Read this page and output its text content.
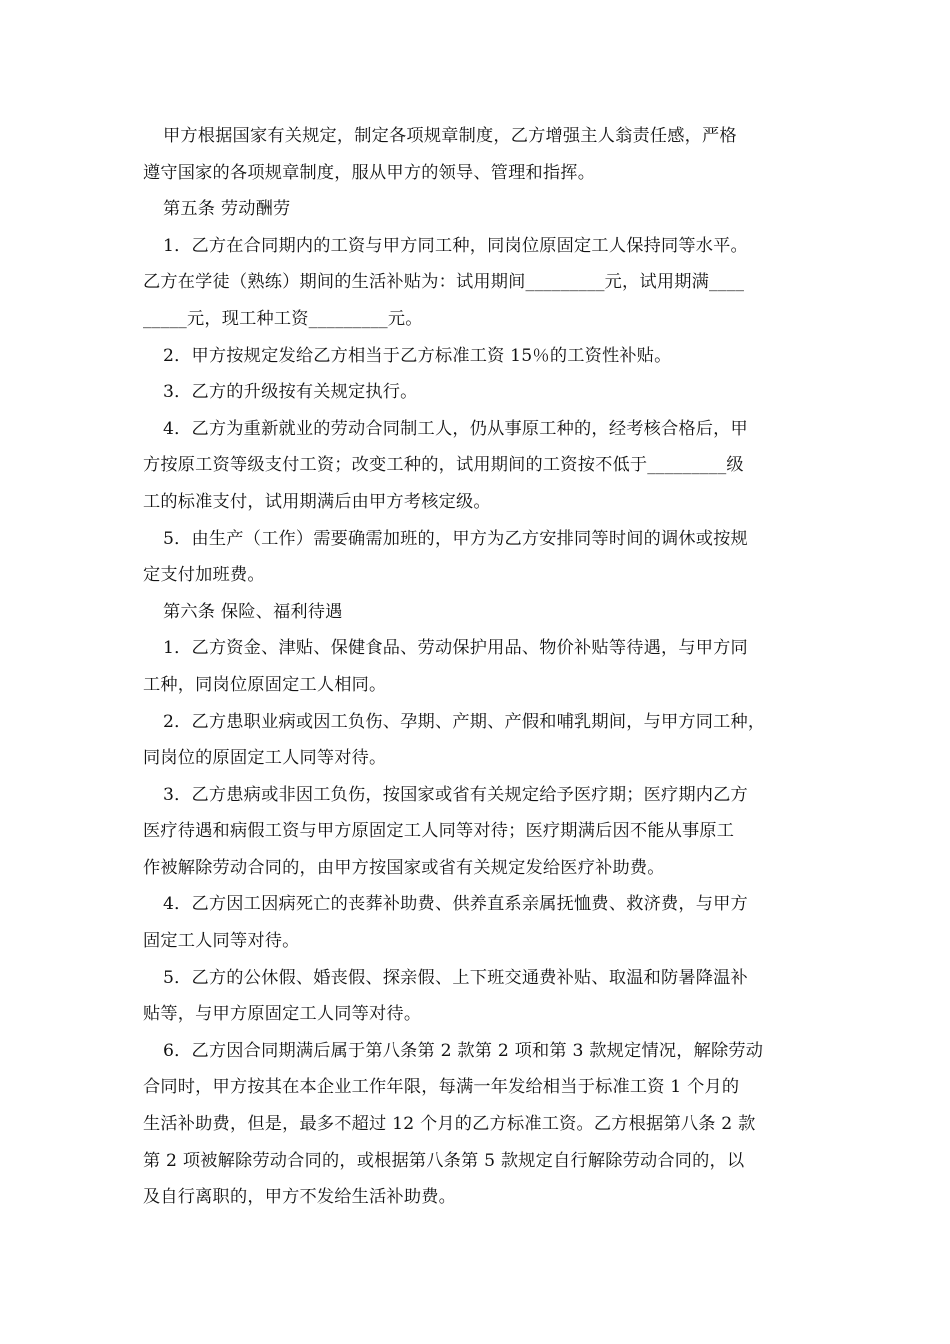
甲方根据国家有关规定，制定各项规章制度，乙方增强主人翁责任感，严格
遵守国家的各项规章制度，服从甲方的领导、管理和指挥。

第五条 劳动酬劳

1．乙方在合同期内的工资与甲方同工种，同岗位原固定工人保持同等水平。
乙方在学徒（熟练）期间的生活补贴为：试用期间_________元，试用期满____
_____元，现工种工资_________元。

2．甲方按规定发给乙方相当于乙方标准工资 15％的工资性补贴。

3．乙方的升级按有关规定执行。

4．乙方为重新就业的劳动合同制工人，仍从事原工种的，经考核合格后，甲
方按原工资等级支付工资；改变工种的，试用期间的工资按不低于_________级
工的标准支付，试用期满后由甲方考核定级。

5．由生产（工作）需要确需加班的，甲方为乙方安排同等时间的调休或按规
定支付加班费。

第六条 保险、福利待遇

1．乙方资金、津贴、保健食品、劳动保护用品、物价补贴等待遇，与甲方同
工种，同岗位原固定工人相同。

2．乙方患职业病或因工负伤、孕期、产期、产假和哺乳期间，与甲方同工种，
同岗位的原固定工人同等对待。

3．乙方患病或非因工负伤，按国家或省有关规定给予医疗期；医疗期内乙方
医疗待遇和病假工资与甲方原固定工人同等对待；医疗期满后因不能从事原工
作被解除劳动合同的，由甲方按国家或省有关规定发给医疗补助费。

4．乙方因工因病死亡的丧葬补助费、供养直系亲属抚恤费、救济费，与甲方
固定工人同等对待。

5．乙方的公休假、婚丧假、探亲假、上下班交通费补贴、取温和防暑降温补
贴等，与甲方原固定工人同等对待。

6．乙方因合同期满后属于第八条第 2 款第 2 项和第 3 款规定情况，解除劳动
合同时，甲方按其在本企业工作年限，每满一年发给相当于标准工资 1 个月的
生活补助费，但是，最多不超过 12 个月的乙方标准工资。乙方根据第八条 2 款
第 2 项被解除劳动合同的，或根据第八条第 5 款规定自行解除劳动合同的，以
及自行离职的，甲方不发给生活补助费。
